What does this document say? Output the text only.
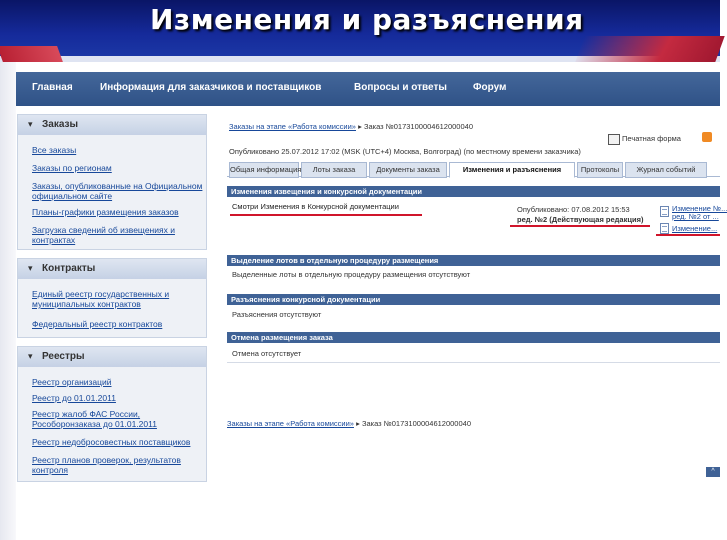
Изменения и разъяснения
Главная	Информация для заказчиков и поставщиков	Вопросы и ответы	Форум
▾ Заказы
Все заказы
Заказы по регионам
Заказы, опубликованные на Официальном официальном сайте
Планы-графики размещения заказов
Загрузка сведений об извещениях и контрактах
▾ Контракты
Единый реестр государственных и муниципальных контрактов
Федеральный реестр контрактов
▾ Реестры
Реестр организаций
Реестр до 01.01.2011
Реестр жалоб ФАС России, Рособоронзаказа до 01.01.2011
Реестр недобросовестных поставщиков
Реестр планов проверок, результатов контроля
Заказы на этапе «Работа комиссии» ▸ Заказ №0173100004612000040
Печатная форма
Опубликовано 25.07.2012 17:02 (MSK (UTC+4) Москва, Волгоград) (по местному времени заказчика)
Общая информация	Лоты заказа	Документы заказа	Изменения и разъяснения	Протоколы	Журнал событий
Изменения извещения и конкурсной документации
Смотри Изменения в Конкурсной документации	Опубликовано: 07.08.2012 15:53
ред. №2 (Действующая редакция)
Изменение №...
ред. №2 от ...
Изменение...
Выделение лотов в отдельную процедуру размещения
Выделенные лоты в отдельную процедуру размещения отсутствуют
Разъяснения конкурсной документации
Разъяснения отсутствуют
Отмена размещения заказа
Отмена отсутствует
Заказы на этапе «Работа комиссии» ▸ Заказ №0173100004612000040
^
